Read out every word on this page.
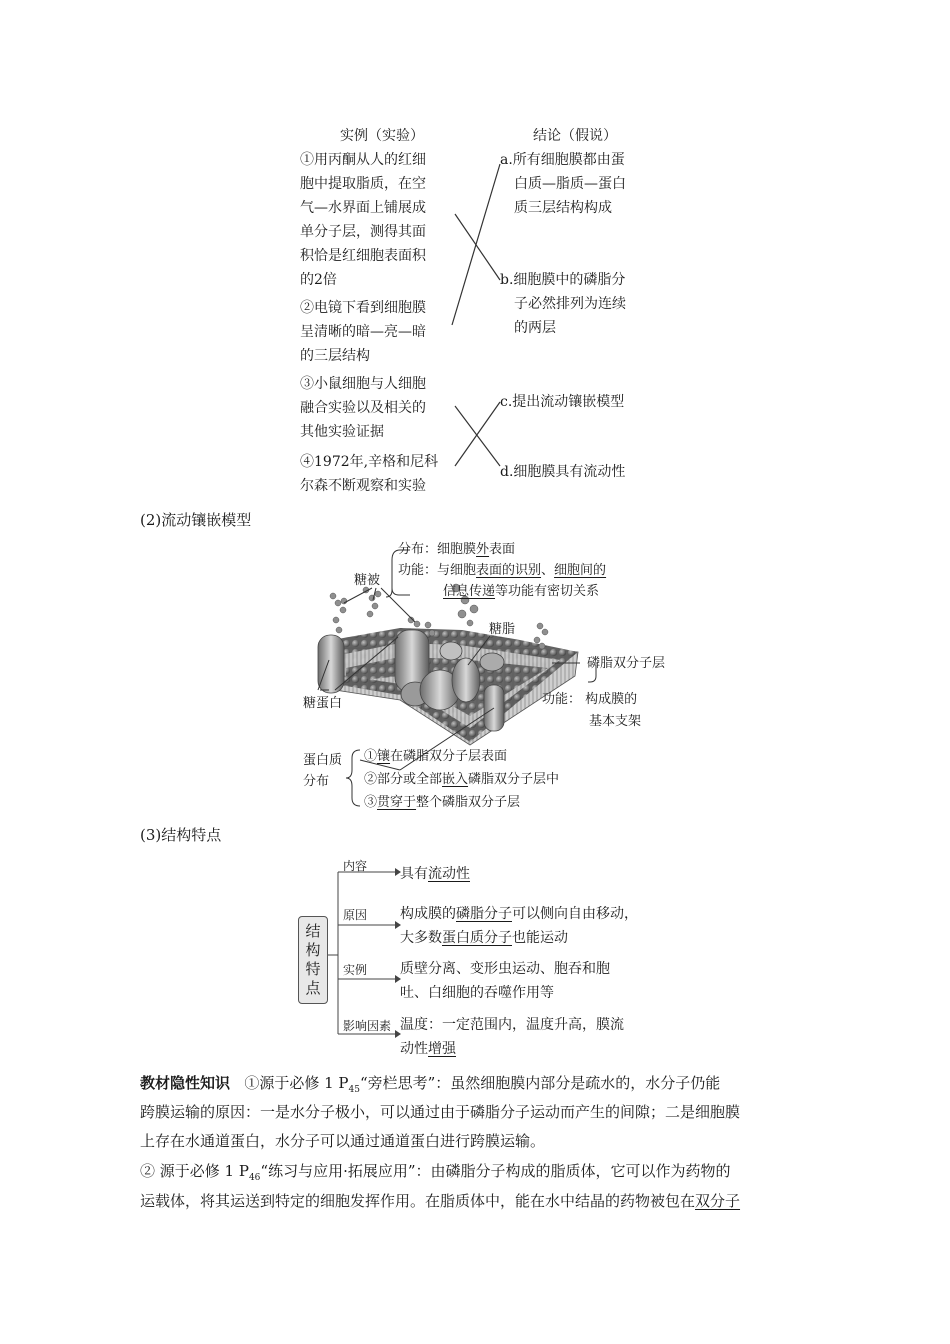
实例（实验）	结论（假说）
①用丙酮从人的红细
胞中提取脂质，在空
气—水界面上铺展成
单分子层，测得其面
积恰是红细胞表面积
的2倍
②电镜下看到细胞膜
呈清晰的暗—亮—暗
的三层结构
③小鼠细胞与人细胞
融合实验以及相关的
其他实验证据
④1972年,辛格和尼科
尔森不断观察和实验
a.所有细胞膜都由蛋
白质—脂质—蛋白
质三层结构构成
b.细胞膜中的磷脂分
子必然排列为连续
的两层
c.提出流动镶嵌模型
d.细胞膜具有流动性
(2)流动镶嵌模型
糖被
分布：细胞膜外表面
功能：与细胞表面的识别、细胞间的
信息传递等功能有密切关系
糖脂
磷脂双分子层
功能： 构成膜的
基本支架
糖蛋白
蛋白质
分布
①镶在磷脂双分子层表面
②部分或全部嵌入磷脂双分子层中
③贯穿于整个磷脂双分子层
(3)结构特点
结构特点
内容 具有流动性
原因 构成膜的磷脂分子可以侧向自由移动，
大多数蛋白质分子也能运动
实例 质壁分离、变形虫运动、胞吞和胞
吐、白细胞的吞噬作用等
影响因素 温度：一定范围内，温度升高，膜流
动性增强
教材隐性知识 ①源于必修 1 $P_{45}“$旁栏思考”：虽然细胞膜内部分是疏水的，水分子仍能
跨膜运输的原因：一是水分子极小，可以通过由于磷脂分子运动而产生的间隙；二是细胞膜
上存在水通道蛋白，水分子可以通过通道蛋白进行跨膜运输。
② 源于必修 1 $P_{46}“$练习与应用·拓展应用”：由磷脂分子构成的脂质体，它可以作为药物的
运载体，将其运送到特定的细胞发挥作用。在脂质体中，能在水中结晶的药物被包在双分子
